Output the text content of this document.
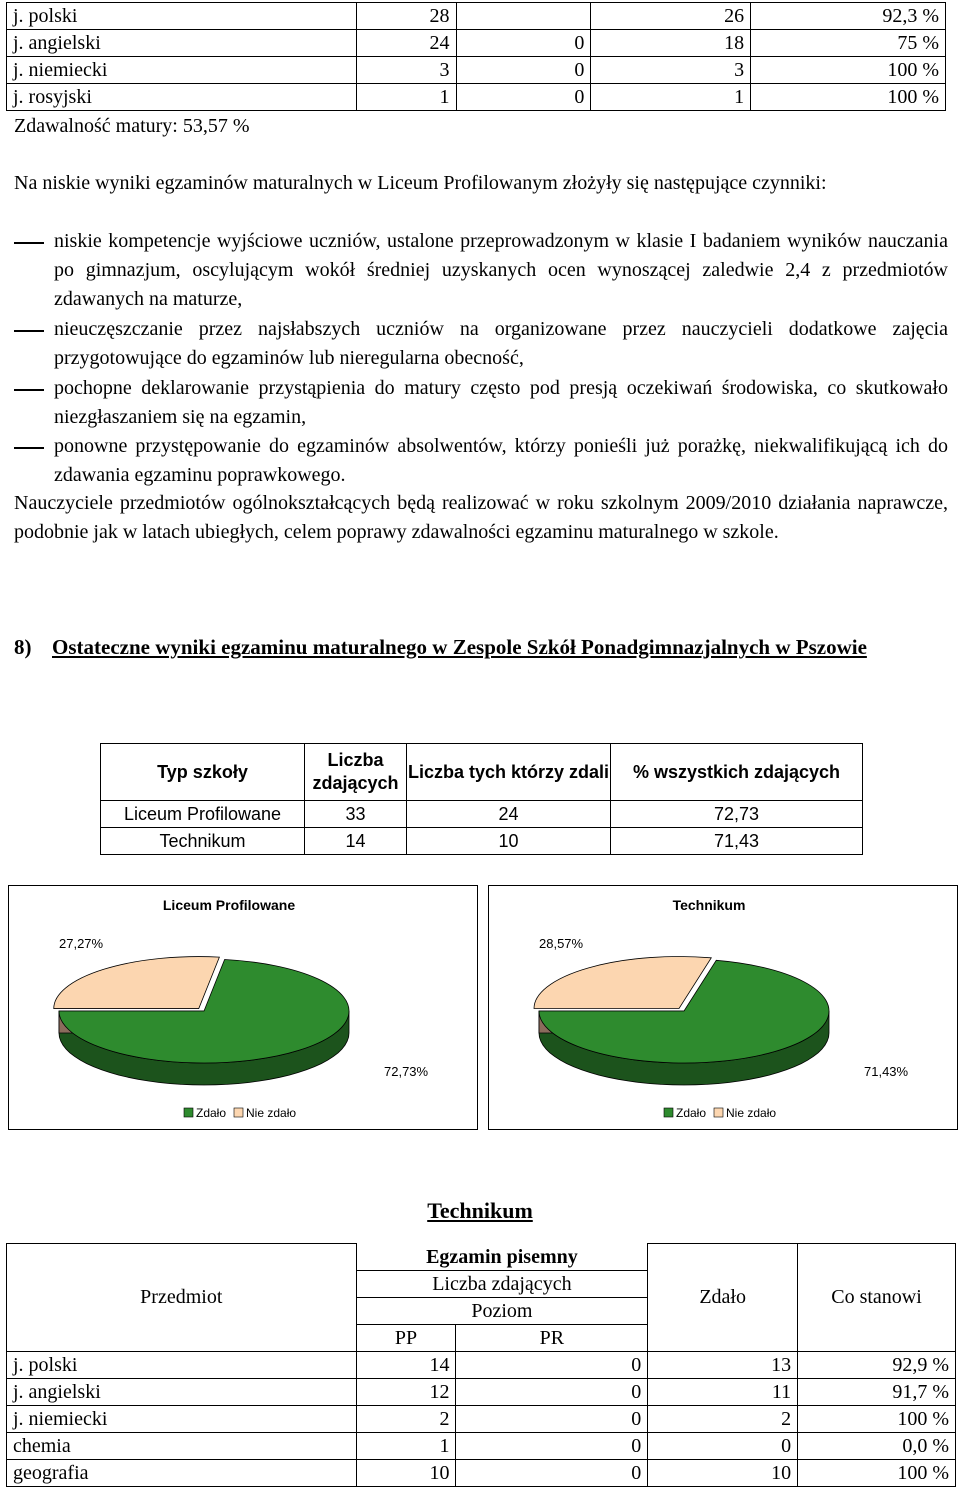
j. polski	28		26	92,3 %
j. angielski	24	0	18	75 %
j. niemiecki	3	0	3	100 %
j. rosyjski	1	0	1	100 %
Zdawalność matury: 53,57 %
Na niskie wyniki egzaminów maturalnych w Liceum Profilowanym złożyły się następujące czynniki:
niskie kompetencje wyjściowe uczniów, ustalone przeprowadzonym w klasie I badaniem wyników nauczania po gimnazjum, oscylującym wokół średniej uzyskanych ocen wynoszącej zaledwie 2,4 z przedmiotów zdawanych na maturze,
nieuczęszczanie przez najsłabszych uczniów na organizowane przez nauczycieli dodatkowe zajęcia przygotowujące do egzaminów lub nieregularna obecność,
pochopne deklarowanie przystąpienia do matury często pod presją oczekiwań środowiska, co skutkowało niezgłaszaniem się na egzamin,
ponowne przystępowanie do egzaminów absolwentów, którzy ponieśli już porażkę, niekwalifikującą ich do zdawania egzaminu poprawkowego.
Nauczyciele przedmiotów ogólnokształcących będą realizować w roku szkolnym 2009/2010 działania naprawcze, podobnie jak w latach ubiegłych, celem poprawy zdawalności egzaminu maturalnego w szkole.
8) Ostateczne wyniki egzaminu maturalnego w Zespole Szkół Ponadgimnazjalnych w Pszowie
Typ szkoły	Liczba zdających	Liczba tych którzy zdali	% wszystkich zdających
Liceum Profilowane	33	24	72,73
Technikum	14	10	71,43
Liceum Profilowane
27,27%
72,73%
Zdało Nie zdało
Technikum
28,57%
71,43%
Zdało Nie zdało
Technikum
Przedmiot	Egzamin pisemny		Zdało	Co stanowi
	Liczba zdających			
	Poziom			
	PP	PR		
j. polski	14	0	13	92,9 %
j. angielski	12	0	11	91,7 %
j. niemiecki	2	0	2	100 %
chemia	1	0	0	0,0 %
geografia	10	0	10	100 %
